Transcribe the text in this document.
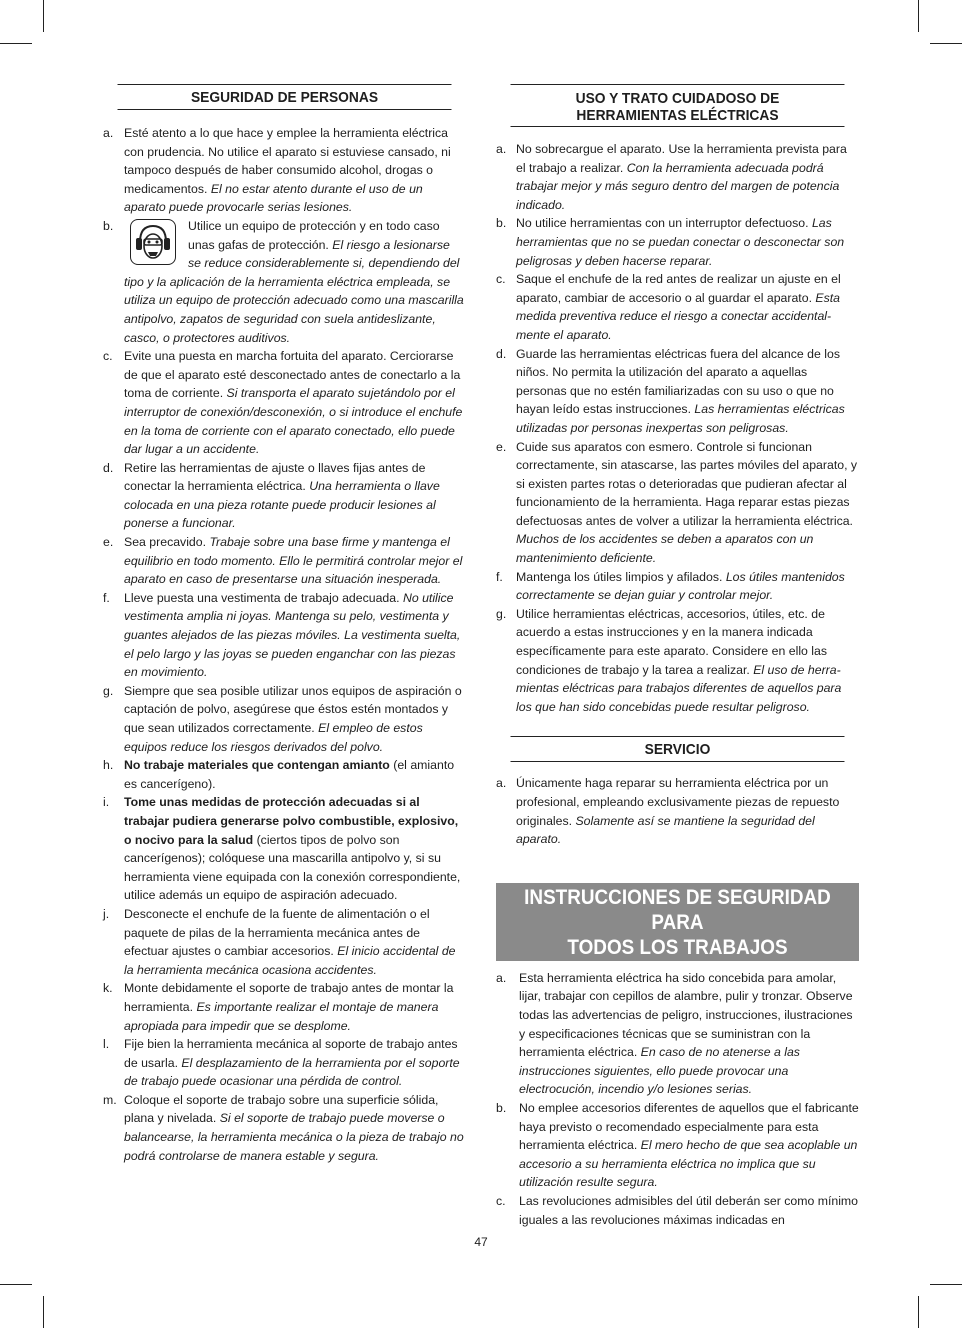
SEGURIDAD DE PERSONAS
a. Esté atento a lo que hace y emplee la herramienta eléctrica con prudencia. No utilice el aparato si estuviese cansado, ni tampoco después de haber consumido alcohol, drogas o medicamentos. El no estar atento durante el uso de un aparato puede provocarle serias lesiones.
b.	Utilice un equipo de protección y en todo caso unas gafas de protección. El riesgo a lesionarse se reduce considerablemente si, dependiendo del tipo y la aplicación de la herramienta eléctrica empleada, se utiliza un equipo de protección adecuado como una mascarilla antipolvo, zapatos de seguridad con suela antideslizante, casco, o protectores auditivos.
c. Evite una puesta en marcha fortuita del aparato. Cerciorarse de que el aparato esté desconectado antes de conectarlo a la toma de corriente. Si transporta el aparato sujetándolo por el interruptor de conexión/desconexión, o si introduce el enchufe en la toma de corriente con el aparato conectado, ello puede dar lugar a un accidente.
d. Retire las herramientas de ajuste o llaves fijas antes de conectar la herramienta eléctrica. Una herramienta o llave colocada en una pieza rotante puede producir lesiones al ponerse a funcionar.
e. Sea precavido. Trabaje sobre una base firme y mantenga el equilibrio en todo momento. Ello le permitirá controlar mejor el aparato en caso de presentarse una situación inesperada.
f. Lleve puesta una vestimenta de trabajo adecuada. No utilice vestimenta amplia ni joyas. Mantenga su pelo, vestimenta y guantes alejados de las piezas móviles. La vestimenta suelta, el pelo largo y las joyas se pueden enganchar con las piezas en movimiento.
g. Siempre que sea posible utilizar unos equipos de aspiración o captación de polvo, asegúrese que éstos estén montados y que sean utilizados correctamente. El empleo de estos equipos reduce los riesgos derivados del polvo.
h. No trabaje materiales que contengan amianto (el amianto es cancerígeno).
i. Tome unas medidas de protección adecuadas si al trabajar pudiera generarse polvo combustible, explosivo, o nocivo para la salud (ciertos tipos de polvo son cancerígenos); colóquese una mascarilla antipolvo y, si su herramienta viene equipada con la conexión correspondiente, utilice además un equipo de aspiración adecuado.
j. Desconecte el enchufe de la fuente de alimentación o el paquete de pilas de la herramienta mecánica antes de efectuar ajustes o cambiar accesorios. El inicio accidental de la herramienta mecánica ocasiona accidentes.
k. Monte debidamente el soporte de trabajo antes de montar la herramienta. Es importante realizar el montaje de manera apropiada para impedir que se desplome.
l. Fije bien la herramienta mecánica al soporte de trabajo antes de usarla. El desplazamiento de la herramienta por el soporte de trabajo puede ocasionar una pérdida de control.
m. Coloque el soporte de trabajo sobre una superficie sólida, plana y nivelada. Si el soporte de trabajo puede moverse o balancearse, la herramienta mecánica o la pieza de trabajo no podrá controlarse de manera estable y segura.
USO Y TRATO CUIDADOSO DE
HERRAMIENTAS ELÉCTRICAS
a. No sobrecargue el aparato. Use la herramienta prevista para el trabajo a realizar. Con la herramienta adecuada podrá trabajar mejor y más seguro dentro del margen de potencia indicado.
b. No utilice herramientas con un interruptor defectuoso. Las herramientas que no se puedan conectar o desconectar son peligrosas y deben hacerse reparar.
c. Saque el enchufe de la red antes de realizar un ajuste en el aparato, cambiar de accesorio o al guardar el aparato. Esta medida preventiva reduce el riesgo a conectar accidental-mente el aparato.
d. Guarde las herramientas eléctricas fuera del alcance de los niños. No permita la utilización del aparato a aquellas personas que no estén familiarizadas con su uso o que no hayan leído estas instrucciones. Las herramientas eléctricas utilizadas por personas inexpertas son peligrosas.
e. Cuide sus aparatos con esmero. Controle si funcionan correctamente, sin atascarse, las partes móviles del aparato, y si existen partes rotas o deterioradas que pudieran afectar al funcionamiento de la herramienta. Haga reparar estas piezas defectuosas antes de volver a utilizar la herramienta eléctrica. Muchos de los accidentes se deben a aparatos con un mantenimiento deficiente.
f. Mantenga los útiles limpios y afilados. Los útiles mantenidos correctamente se dejan guiar y controlar mejor.
g. Utilice herramientas eléctricas, accesorios, útiles, etc. de acuerdo a estas instrucciones y en la manera indicada específicamente para este aparato. Considere en ello las condiciones de trabajo y la tarea a realizar. El uso de herra-mientas eléctricas para trabajos diferentes de aquellos para los que han sido concebidas puede resultar peligroso.
SERVICIO
a. Únicamente haga reparar su herramienta eléctrica por un profesional, empleando exclusivamente piezas de repuesto originales. Solamente así se mantiene la seguridad del aparato.
INSTRUCCIONES DE SEGURIDAD PARA
TODOS LOS TRABAJOS
a. Esta herramienta eléctrica ha sido concebida para amolar, lijar, trabajar con cepillos de alambre, pulir y tronzar. Observe todas las advertencias de peligro, instrucciones, ilustraciones y especificaciones técnicas que se suministran con la herramienta eléctrica. En caso de no atenerse a las instrucciones siguientes, ello puede provocar una electrocución, incendio y/o lesiones serias.
b. No emplee accesorios diferentes de aquellos que el fabricante haya previsto o recomendado especialmente para esta herramienta eléctrica. El mero hecho de que sea acoplable un accesorio a su herramienta eléctrica no implica que su utilización resulte segura.
c. Las revoluciones admisibles del útil deberán ser como mínimo iguales a las revoluciones máximas indicadas en
47
